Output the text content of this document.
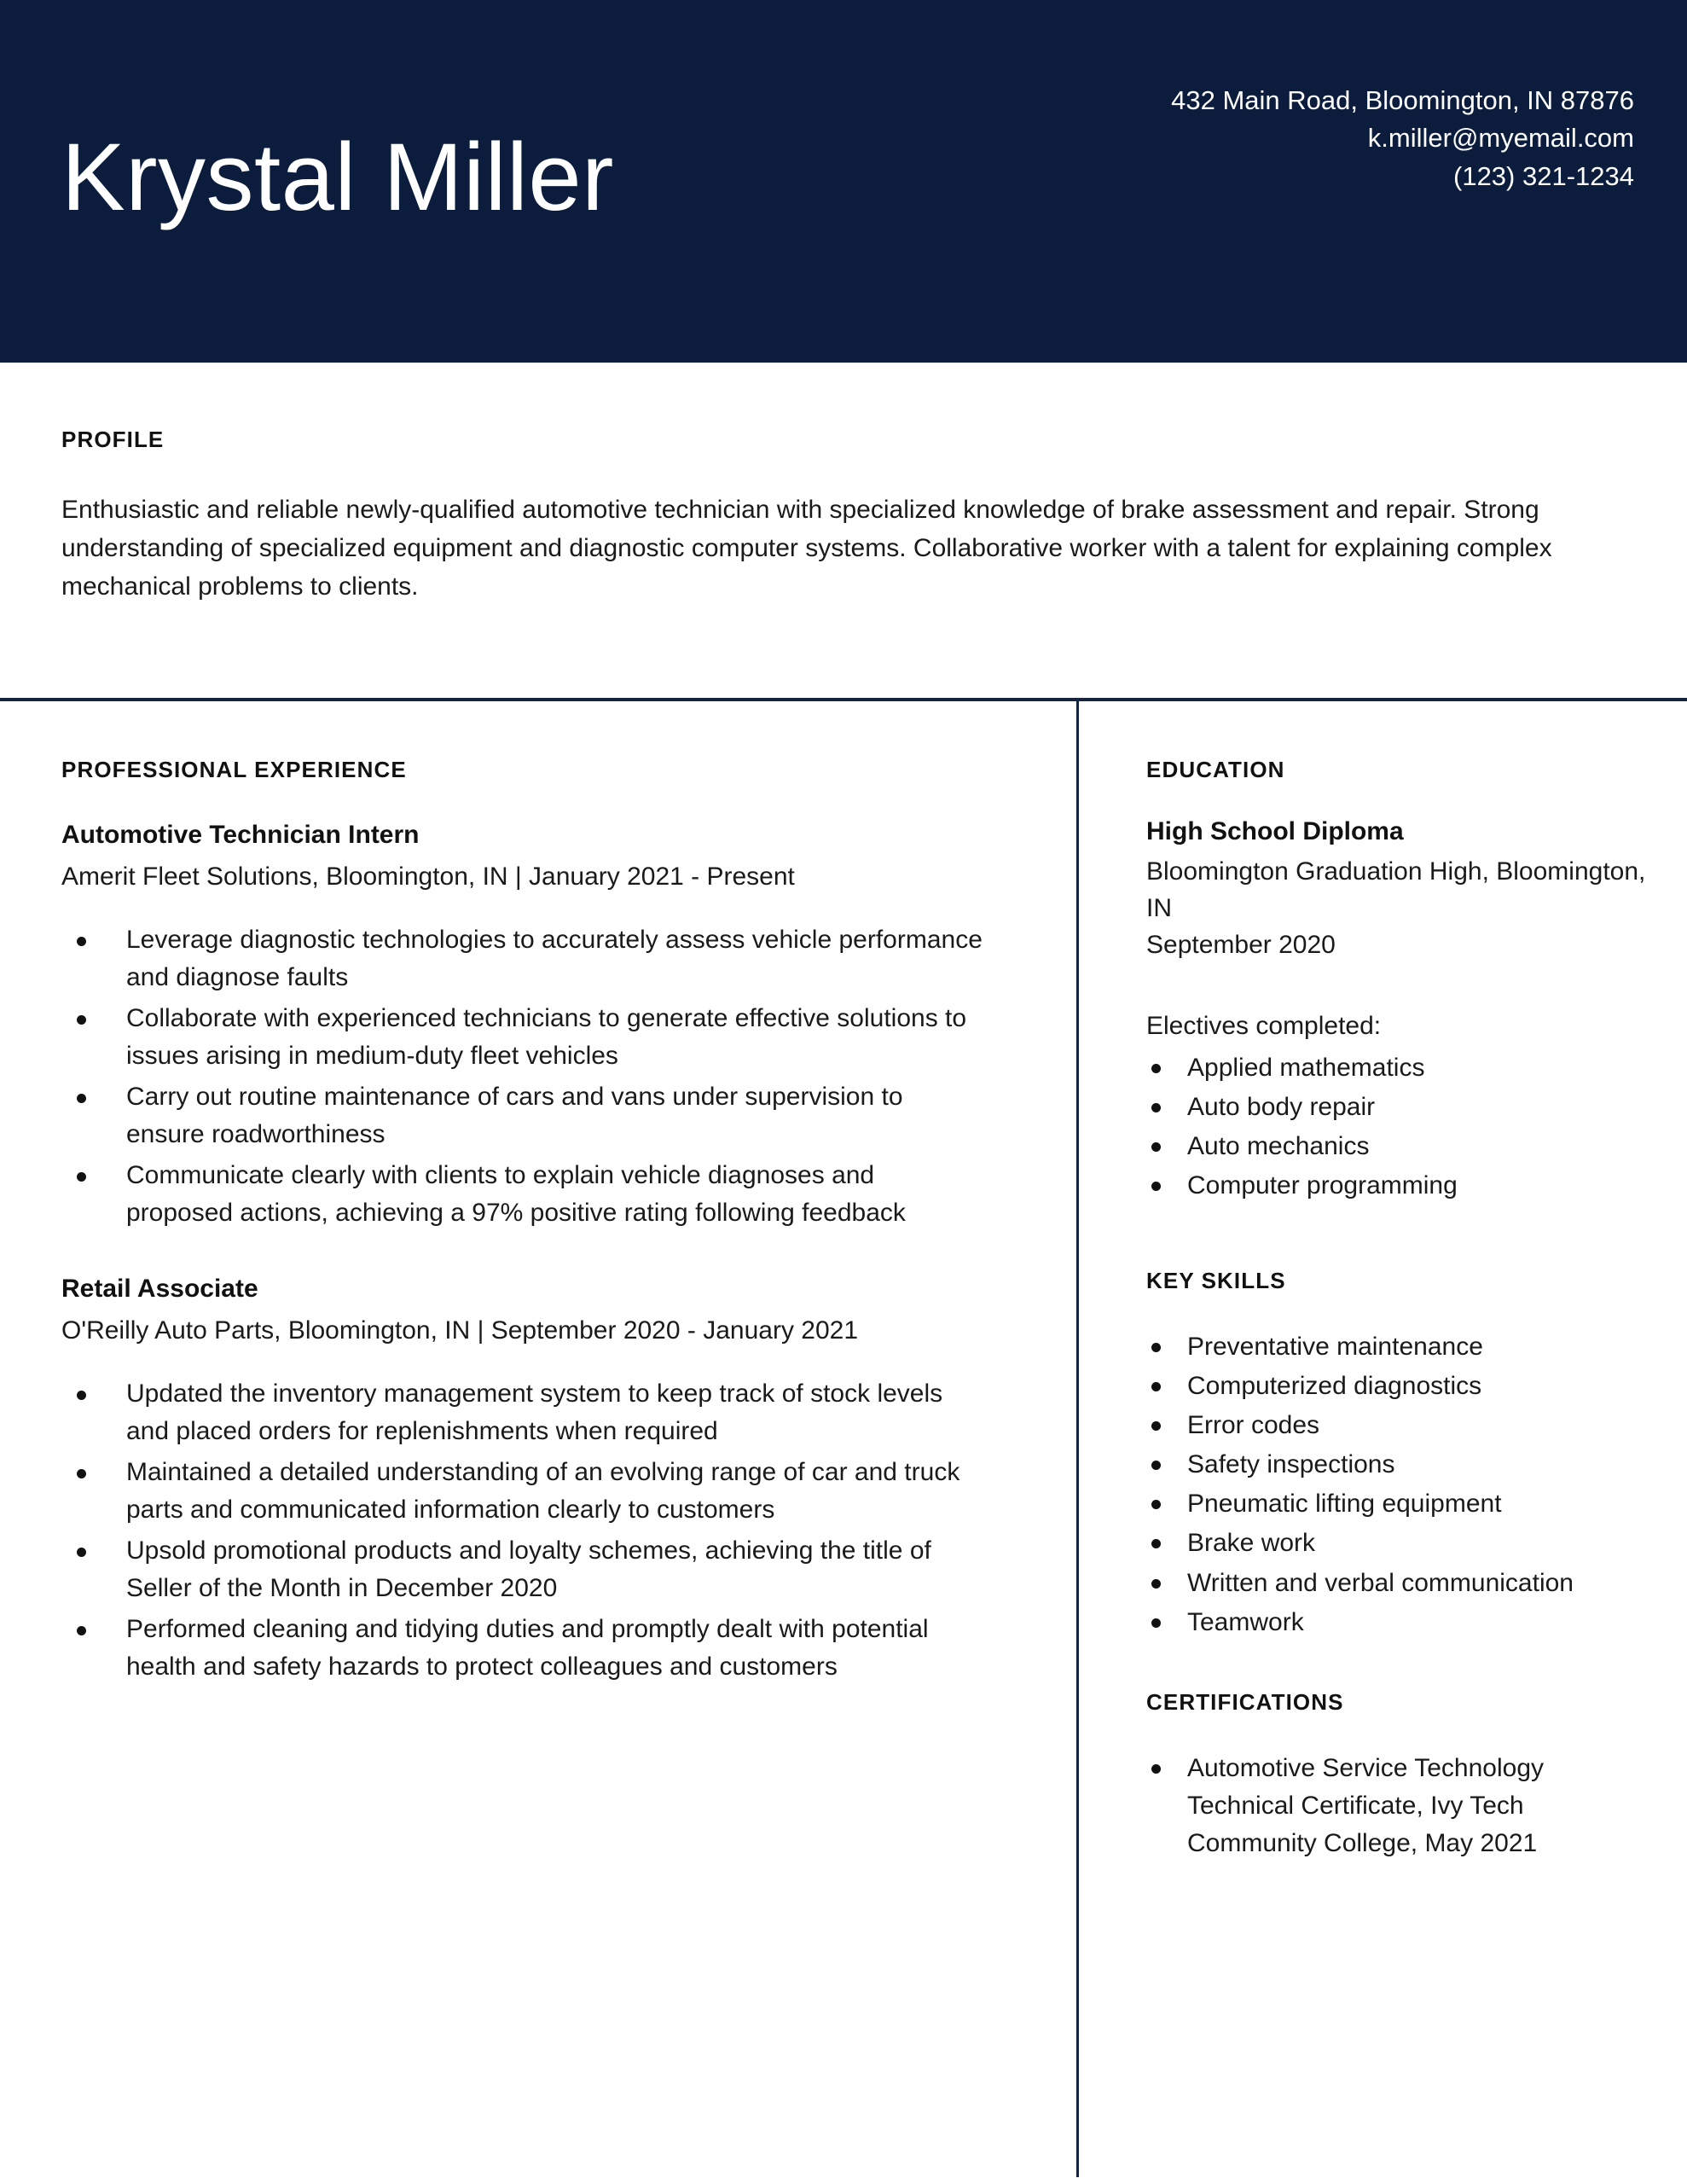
Krystal Miller
432 Main Road, Bloomington, IN 87876
k.miller@myemail.com
(123) 321-1234
PROFILE

Enthusiastic and reliable newly-qualified automotive technician with specialized knowledge of brake assessment and repair. Strong understanding of specialized equipment and diagnostic computer systems. Collaborative worker with a talent for explaining complex mechanical problems to clients.

PROFESSIONAL EXPERIENCE
Automotive Technician Intern
Amerit Fleet Solutions, Bloomington, IN | January 2021 - Present
Leverage diagnostic technologies to accurately assess vehicle performance and diagnose faults
Collaborate with experienced technicians to generate effective solutions to issues arising in medium-duty fleet vehicles
Carry out routine maintenance of cars and vans under supervision to ensure roadworthiness
Communicate clearly with clients to explain vehicle diagnoses and proposed actions, achieving a 97% positive rating following feedback
Retail Associate
O'Reilly Auto Parts, Bloomington, IN | September 2020 - January 2021
Updated the inventory management system to keep track of stock levels and placed orders for replenishments when required
Maintained a detailed understanding of an evolving range of car and truck parts and communicated information clearly to customers
Upsold promotional products and loyalty schemes, achieving the title of Seller of the Month in December 2020
Performed cleaning and tidying duties and promptly dealt with potential health and safety hazards to protect colleagues and customers
EDUCATION
High School Diploma

Bloomington Graduation High, Bloomington, IN

September 2020

Electives completed:

Applied mathematics
Auto body repair
Auto mechanics
Computer programming
KEY SKILLS
Preventative maintenance
Computerized diagnostics
Error codes
Safety inspections
Pneumatic lifting equipment
Brake work
Written and verbal communication
Teamwork
CERTIFICATIONS
Automotive Service Technology Technical Certificate, Ivy Tech Community College, May 2021
